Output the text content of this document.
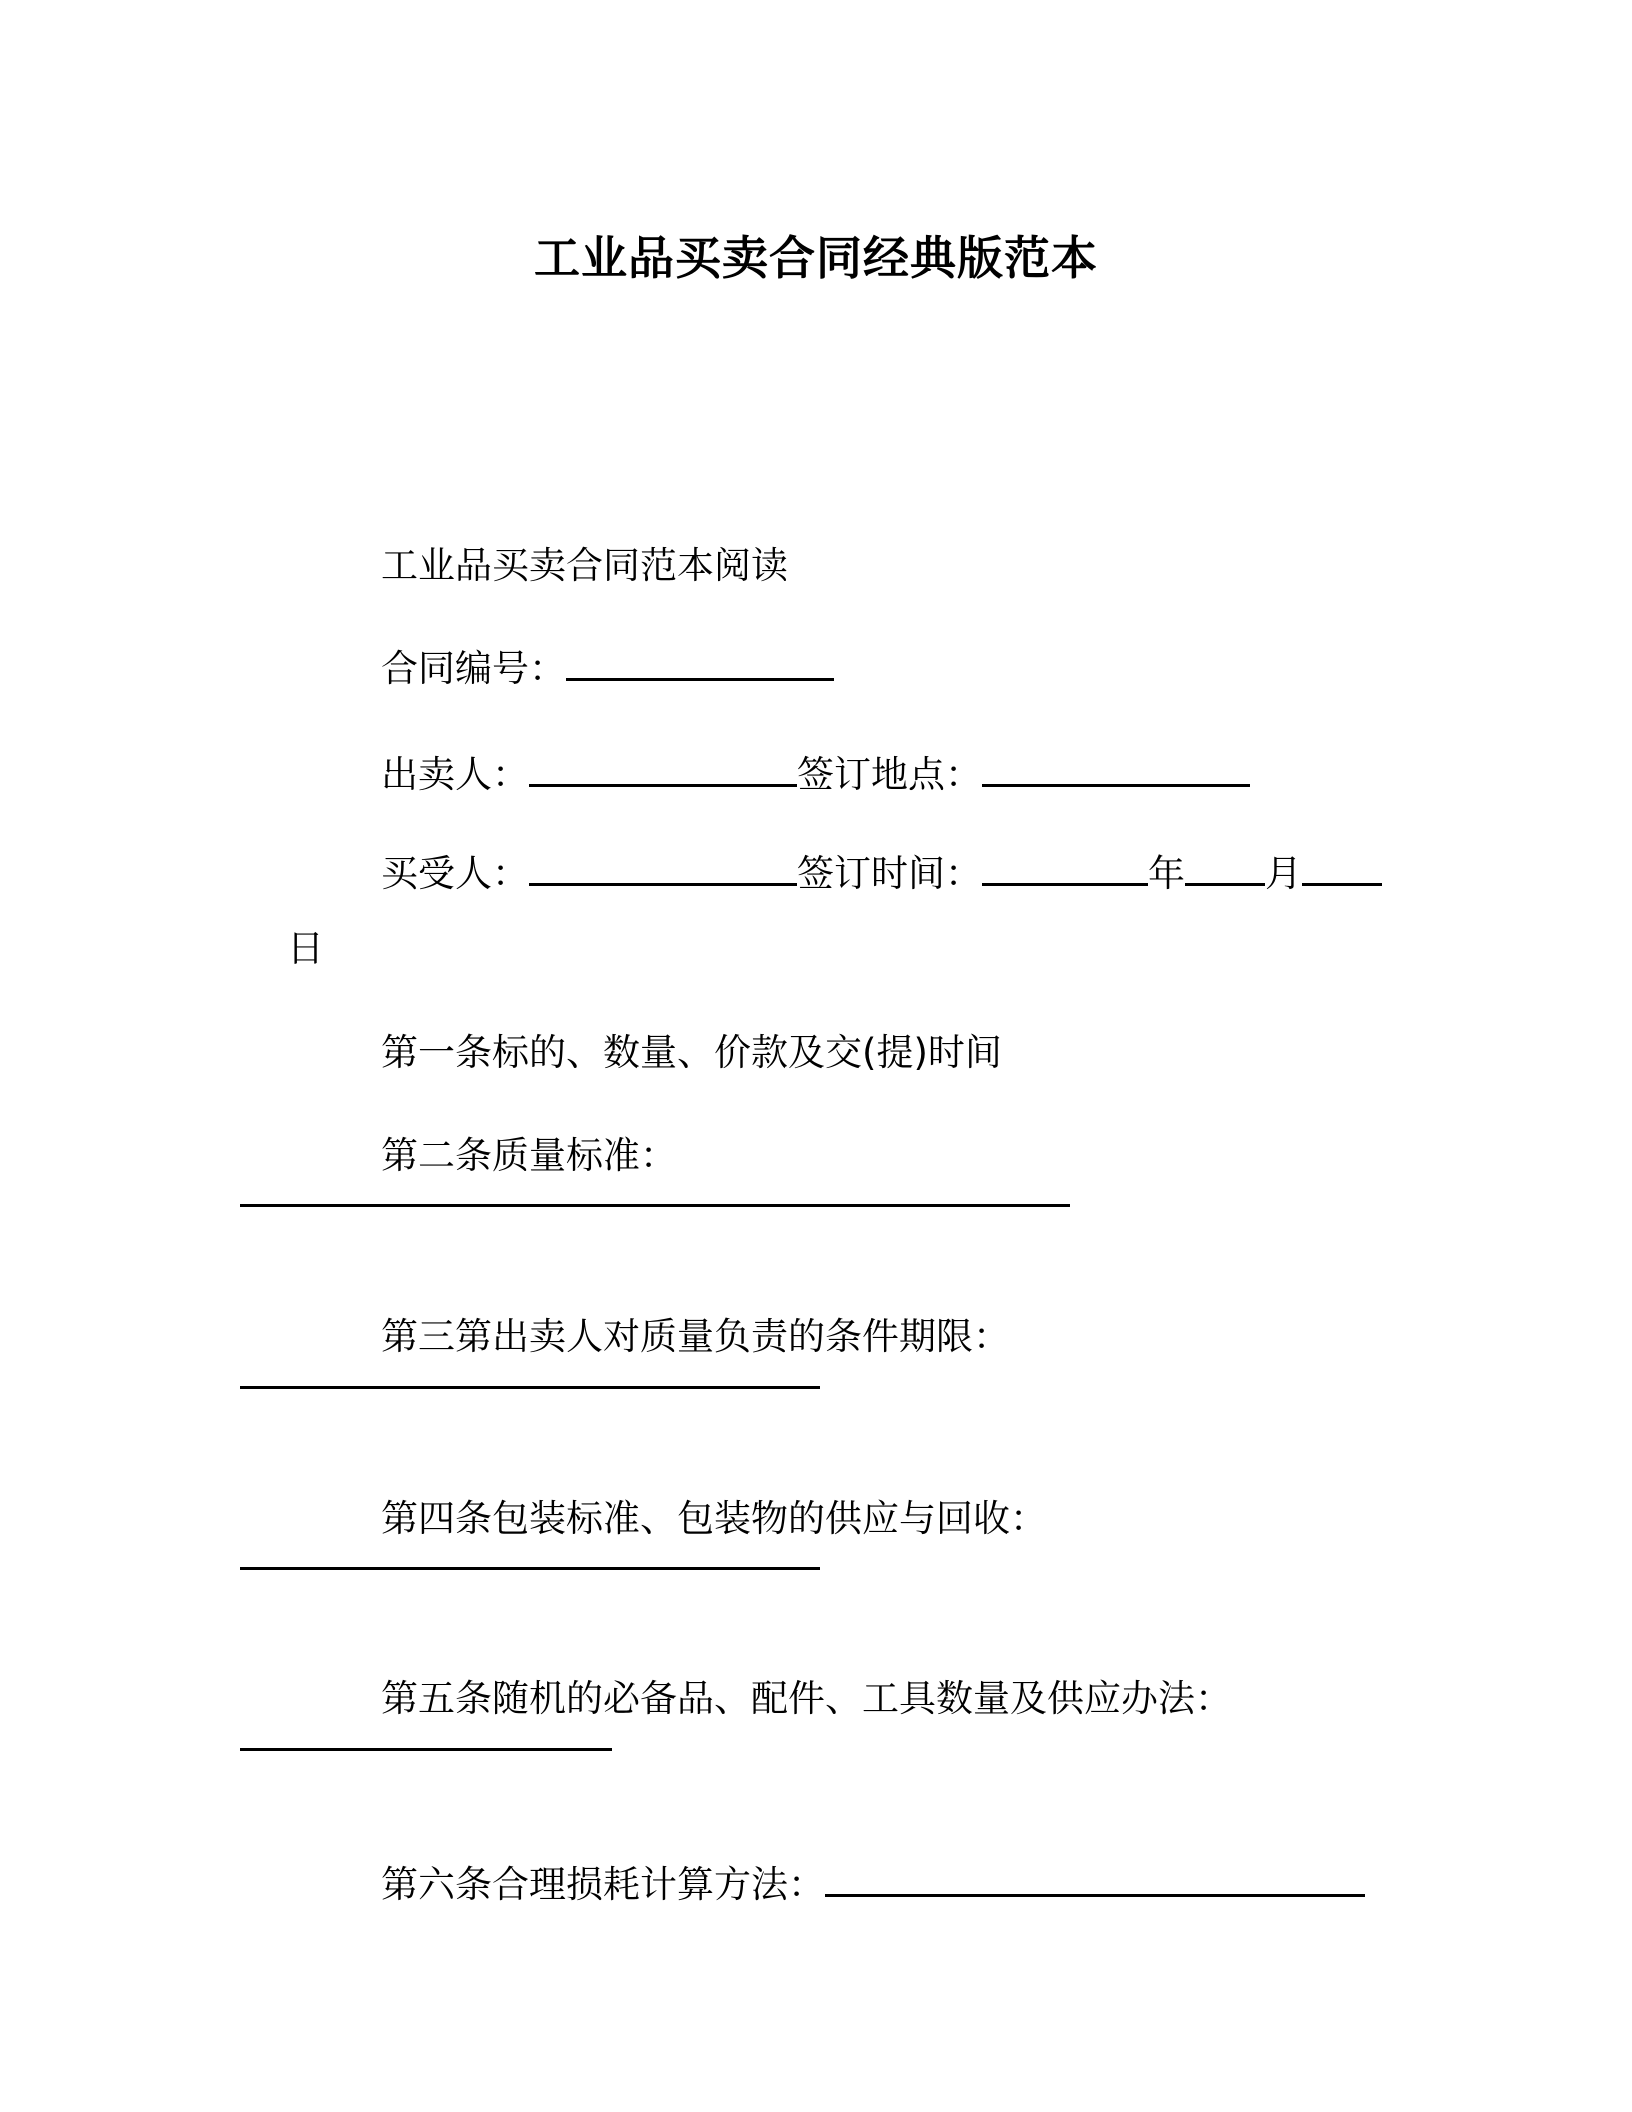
工业品买卖合同经典版范本

工业品买卖合同范本阅读

合同编号：

出卖人：	签订地点：

买受人：	签订时间：	年 月

日

第一条标的、数量、价款及交(提)时间

第二条质量标准：

第三第出卖人对质量负责的条件期限：

第四条包装标准、包装物的供应与回收：

第五条随机的必备品、配件、工具数量及供应办法：

第六条合理损耗计算方法：
